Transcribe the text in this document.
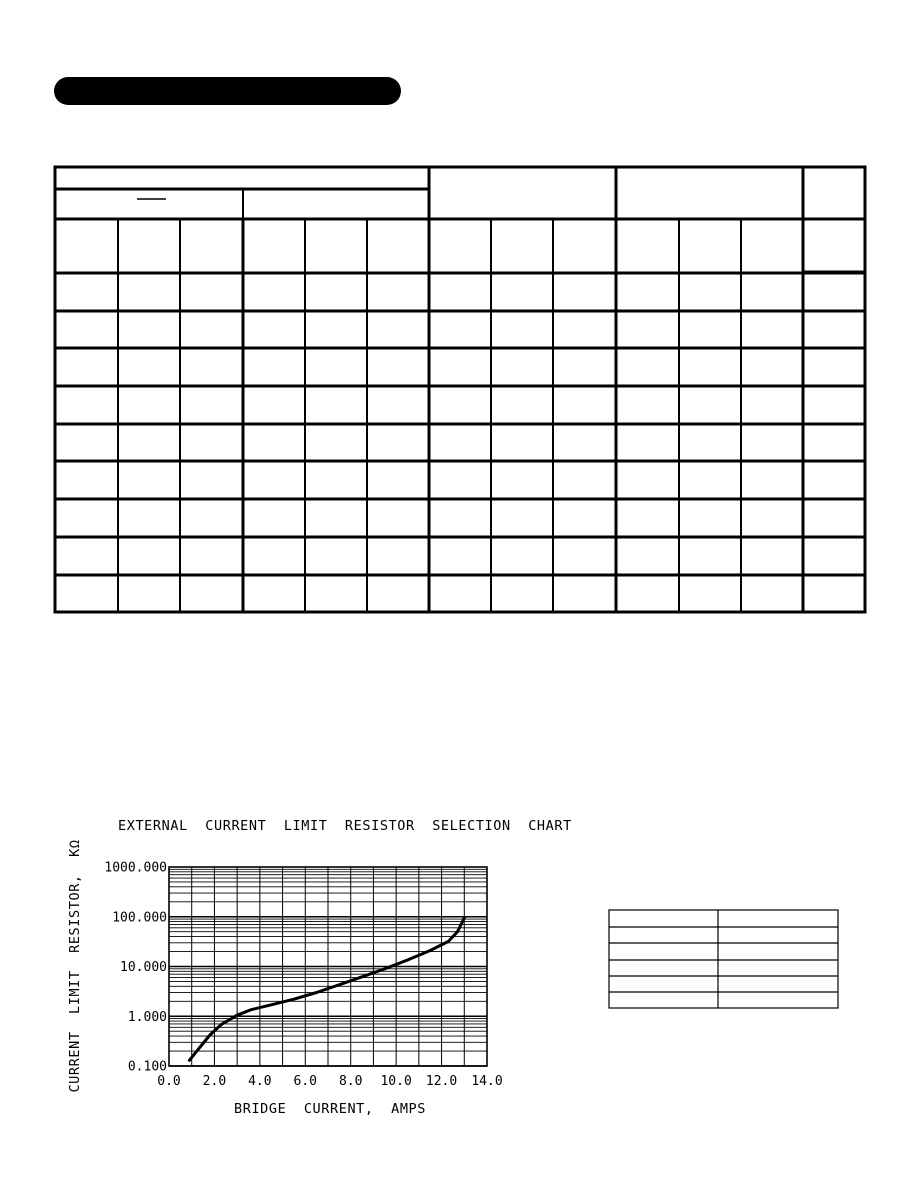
EXTERNAL  CURRENT  LIMIT  RESISTOR  SELECTION  CHART
0.100
1.000
10.000
100.000
1000.000
0.0 2.0 4.0 6.0 8.0 10.0 12.0 14.0
CURRENT  LIMIT  RESISTOR,  KΩ
BRIDGE  CURRENT,  AMPS
